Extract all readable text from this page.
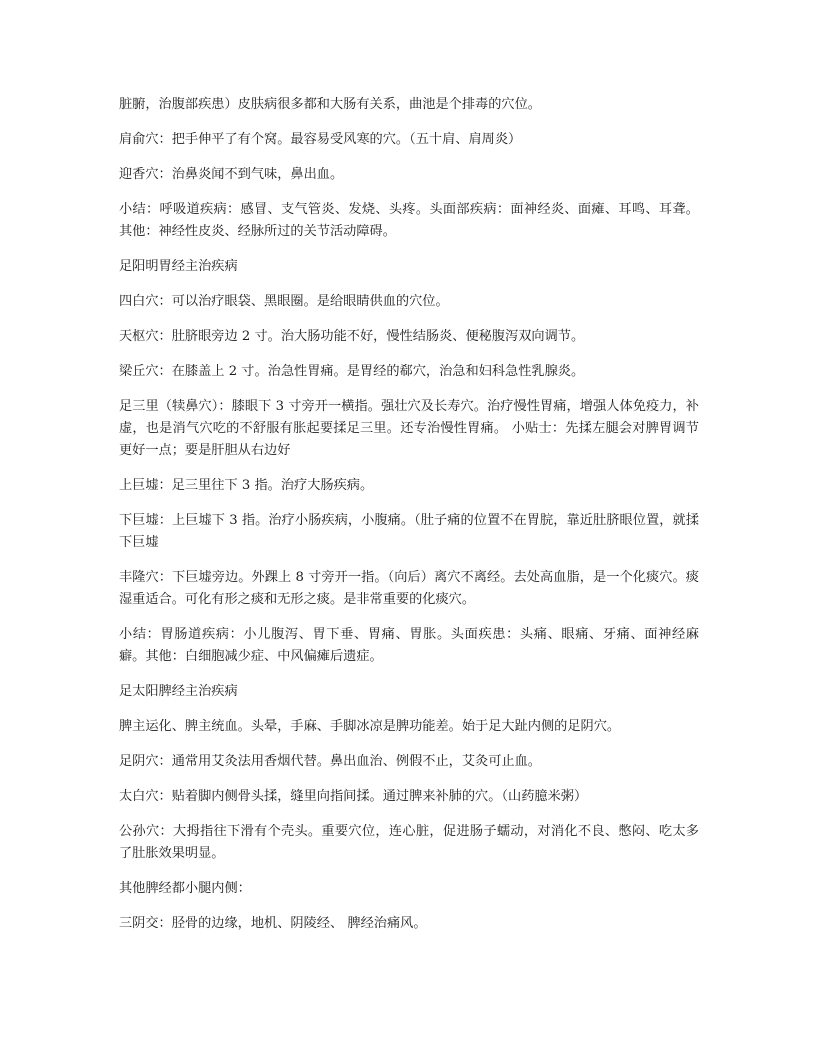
脏腑，治腹部疾患）皮肤病很多都和大肠有关系，曲池是个排毒的穴位。

肩俞穴：把手伸平了有个窝。最容易受风寒的穴。（五十肩、肩周炎）

迎香穴：治鼻炎闻不到气味，鼻出血。

小结：呼吸道疾病：感冒、支气管炎、发烧、头疼。头面部疾病：面神经炎、面瘫、耳鸣、耳聋。其他：神经性皮炎、经脉所过的关节活动障碍。

足阳明胃经主治疾病

四白穴：可以治疗眼袋、黑眼圈。是给眼睛供血的穴位。

天枢穴：肚脐眼旁边 2 寸。治大肠功能不好，慢性结肠炎、便秘腹泻双向调节。

梁丘穴：在膝盖上 2 寸。治急性胃痛。是胃经的郗穴，治急和妇科急性乳腺炎。

足三里（犊鼻穴）：膝眼下 3 寸旁开一横指。强壮穴及长寿穴。治疗慢性胃痛，增强人体免疫力，补虚，也是消气穴吃的不舒服有胀起要揉足三里。还专治慢性胃痛。 小贴士：先揉左腿会对脾胃调节更好一点；要是肝胆从右边好

上巨墟：足三里往下 3 指。治疗大肠疾病。

下巨墟：上巨墟下 3 指。治疗小肠疾病，小腹痛。（肚子痛的位置不在胃脘，靠近肚脐眼位置，就揉下巨墟

丰隆穴：下巨墟旁边。外踝上 8 寸旁开一指。（向后）离穴不离经。去处高血脂，是一个化痰穴。痰湿重适合。可化有形之痰和无形之痰。是非常重要的化痰穴。

小结：胃肠道疾病：小儿腹泻、胃下垂、胃痛、胃胀。头面疾患：头痛、眼痛、牙痛、面神经麻癖。其他：白细胞减少症、中风偏瘫后遗症。

足太阳脾经主治疾病

脾主运化、脾主统血。头晕，手麻、手脚冰凉是脾功能差。始于足大趾内侧的足阴穴。

足阴穴：通常用艾灸法用香烟代替。鼻出血治、例假不止，艾灸可止血。

太白穴：贴着脚内侧骨头揉，缝里向指间揉。通过脾来补肺的穴。（山药臆米粥）

公孙穴：大拇指往下滑有个壳头。重要穴位，连心脏，促进肠子蠕动，对消化不良、憋闷、吃太多了肚胀效果明显。

其他脾经都小腿内侧：

三阴交：胫骨的边缘，地机、阴陵经、 脾经治痛风。
